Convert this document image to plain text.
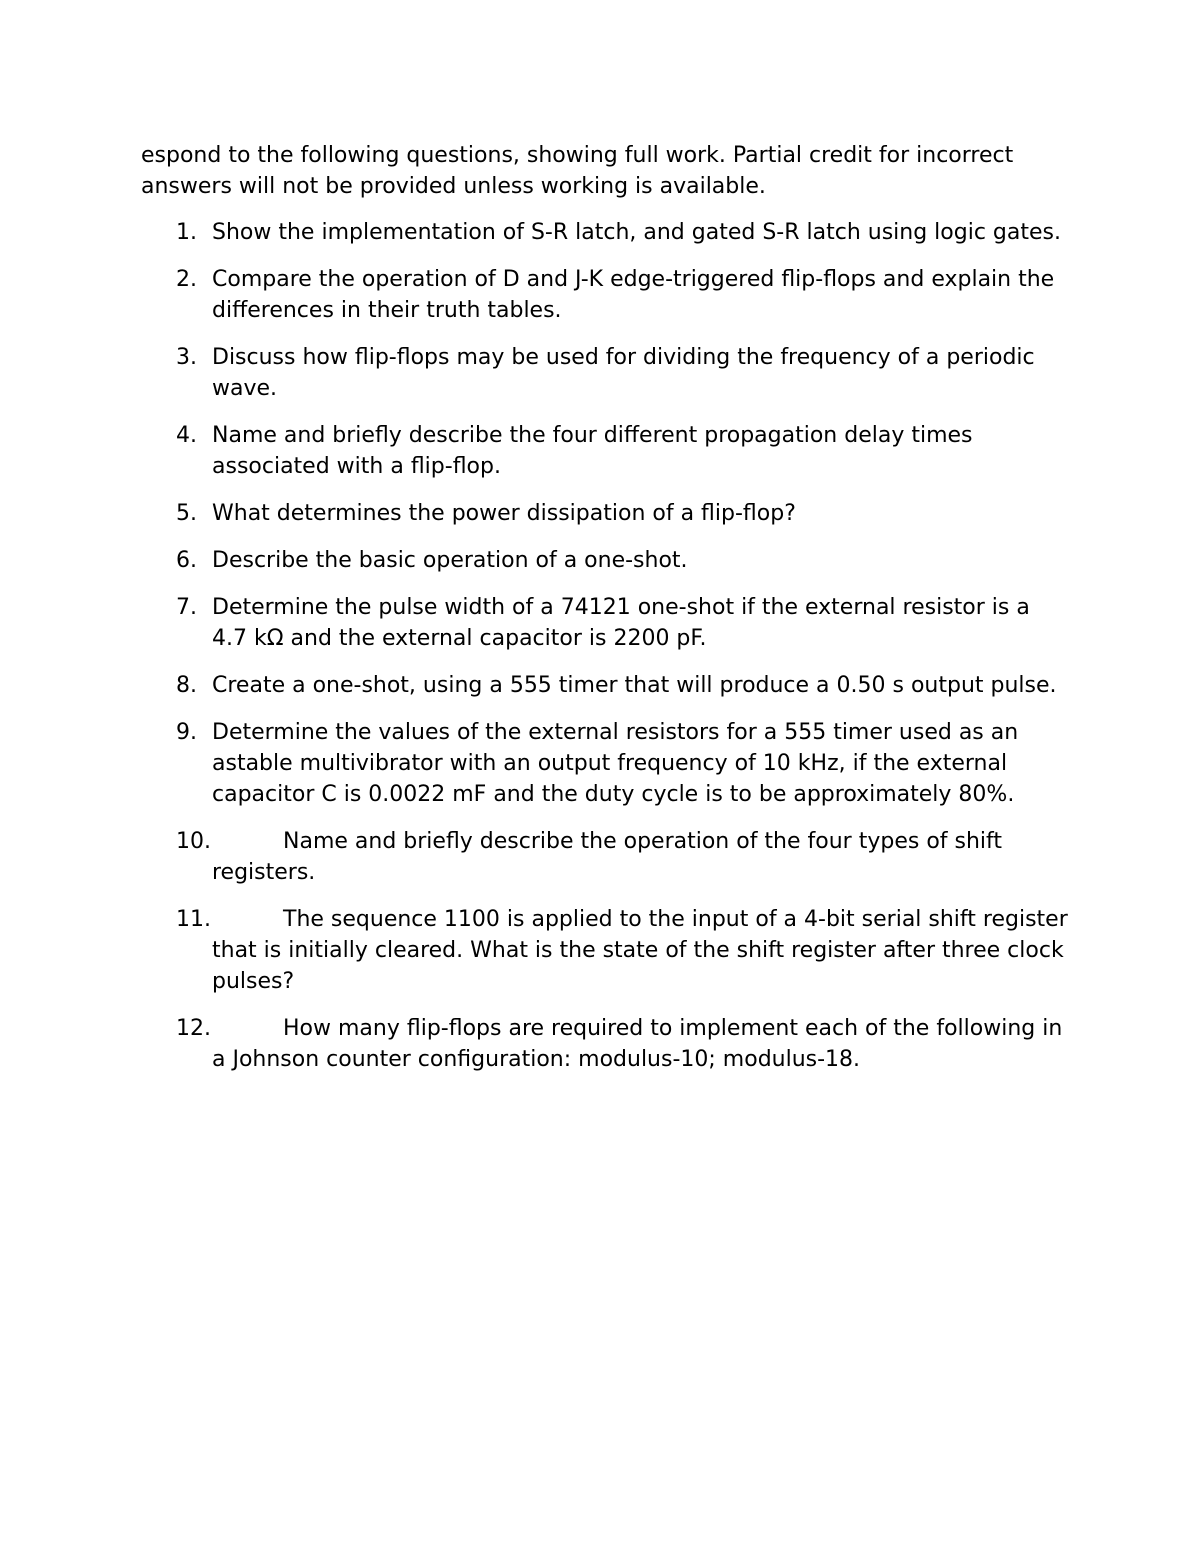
espond to the following questions, showing full work. Partial credit for incorrect answers will not be provided unless working is available.

1. Show the implementation of S-R latch, and gated S-R latch using logic gates.
2. Compare the operation of D and J-K edge-triggered flip-flops and explain the differences in their truth tables.
3. Discuss how flip-flops may be used for dividing the frequency of a periodic wave.
4. Name and briefly describe the four different propagation delay times associated with a flip-flop.
5. What determines the power dissipation of a flip-flop?
6. Describe the basic operation of a one-shot.
7. Determine the pulse width of a 74121 one-shot if the external resistor is a 4.7 kΩ and the external capacitor is 2200 pF.
8. Create a one-shot, using a 555 timer that will produce a 0.50 s output pulse.
9. Determine the values of the external resistors for a 555 timer used as an astable multivibrator with an output frequency of 10 kHz, if the external capacitor C is 0.0022 mF and the duty cycle is to be approximately 80%.
10.	Name and briefly describe the operation of the four types of shift registers.
11.	The sequence 1100 is applied to the input of a 4-bit serial shift register that is initially cleared. What is the state of the shift register after three clock pulses?
12.	How many flip-flops are required to implement each of the following in a Johnson counter configuration: modulus-10; modulus-18.
